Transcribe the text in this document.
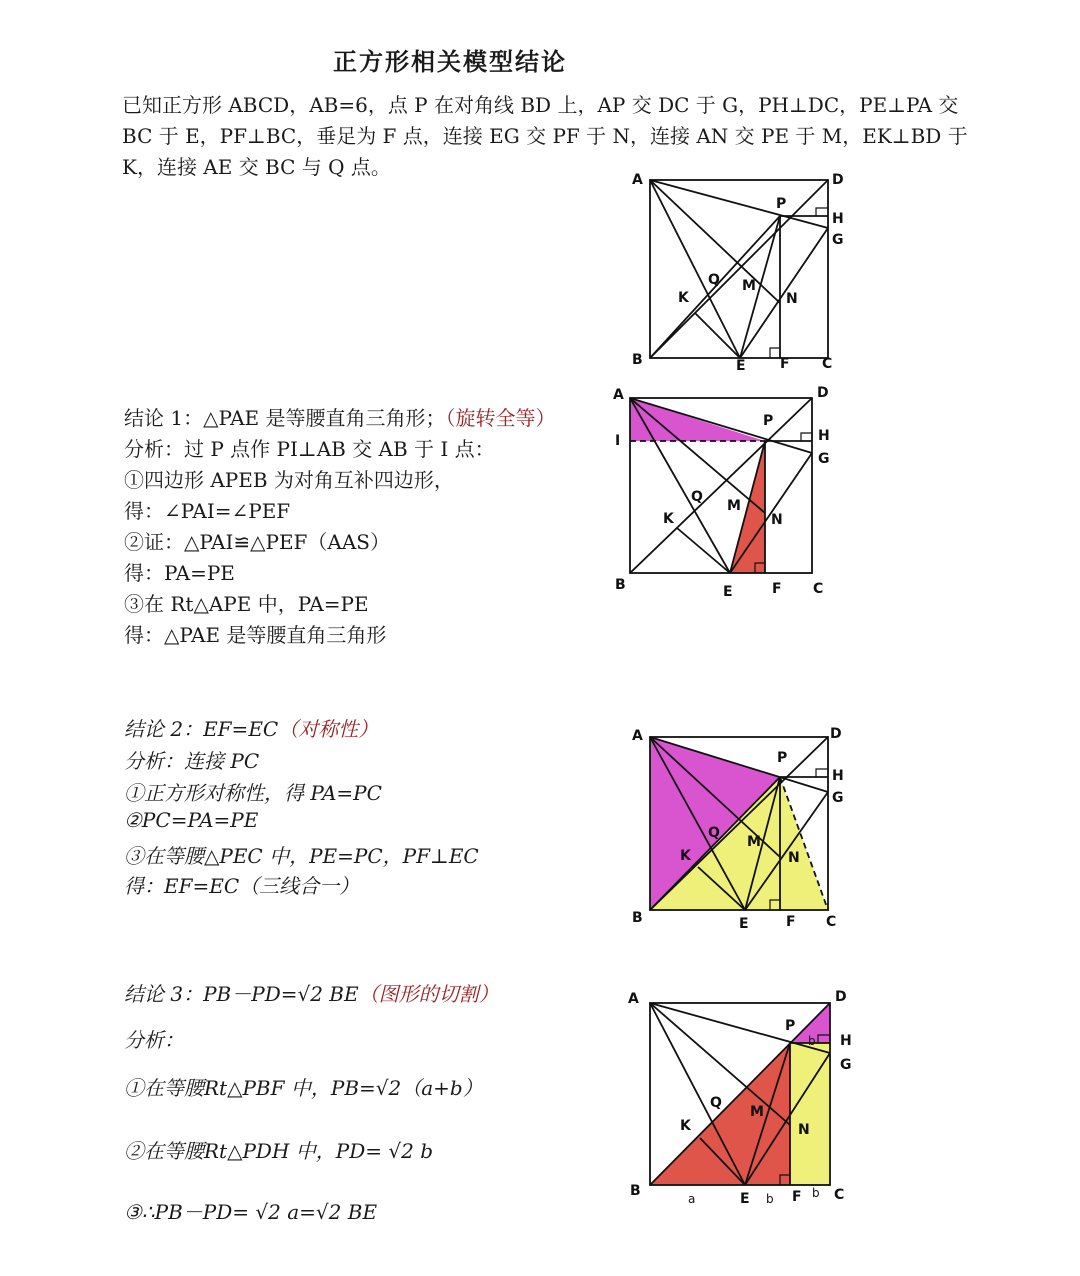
正方形相关模型结论

已知正方形 ABCD，AB=6，点 P 在对角线 BD 上，AP 交 DC 于 G，PH⊥DC，PE⊥PA 交

BC 于 E，PF⊥BC，垂足为 F 点，连接 EG 交 PF 于 N，连接 AN 交 PE 于 M，EK⊥BD 于

K，连接 AE 交 BC 与 Q 点。

结论 1：△PAE 是等腰直角三角形；（旋转全等）
分析：过 P 点作 PI⊥AB 交 AB 于 I 点：
①四边形 APEB 为对角互补四边形，
得：∠PAI=∠PEF
②证：△PAI≌△PEF（AAS）
得：PA=PE
③在 Rt△APE 中，PA=PE
得：△PAE 是等腰直角三角形
结论 2：EF=EC（对称性）
分析：连接 PC
①正方形对称性，得 PA=PC
②PC=PA=PE
③在等腰△PEC 中，PE=PC，PF⊥EC
得：EF=EC（三线合一）
结论 3：PB－PD=√2 BE（图形的切割）
分析：
①在等腰Rt△PBF 中，PB=√2（a+b）
②在等腰Rt△PDH 中，PD= √2 b
③∴PB－PD= √2 a=√2 BE
A	D
B	C
P
H
G
E F
K
Q M
N
A	D
I
B	C
P
H
G
E	F
K
Q
M
N
A	D
B	C
P
H
G
E	F
K
Q
M
N
A	D
B	C
P
H
G
E	F
K
Q
M
N
a	b	b
b
